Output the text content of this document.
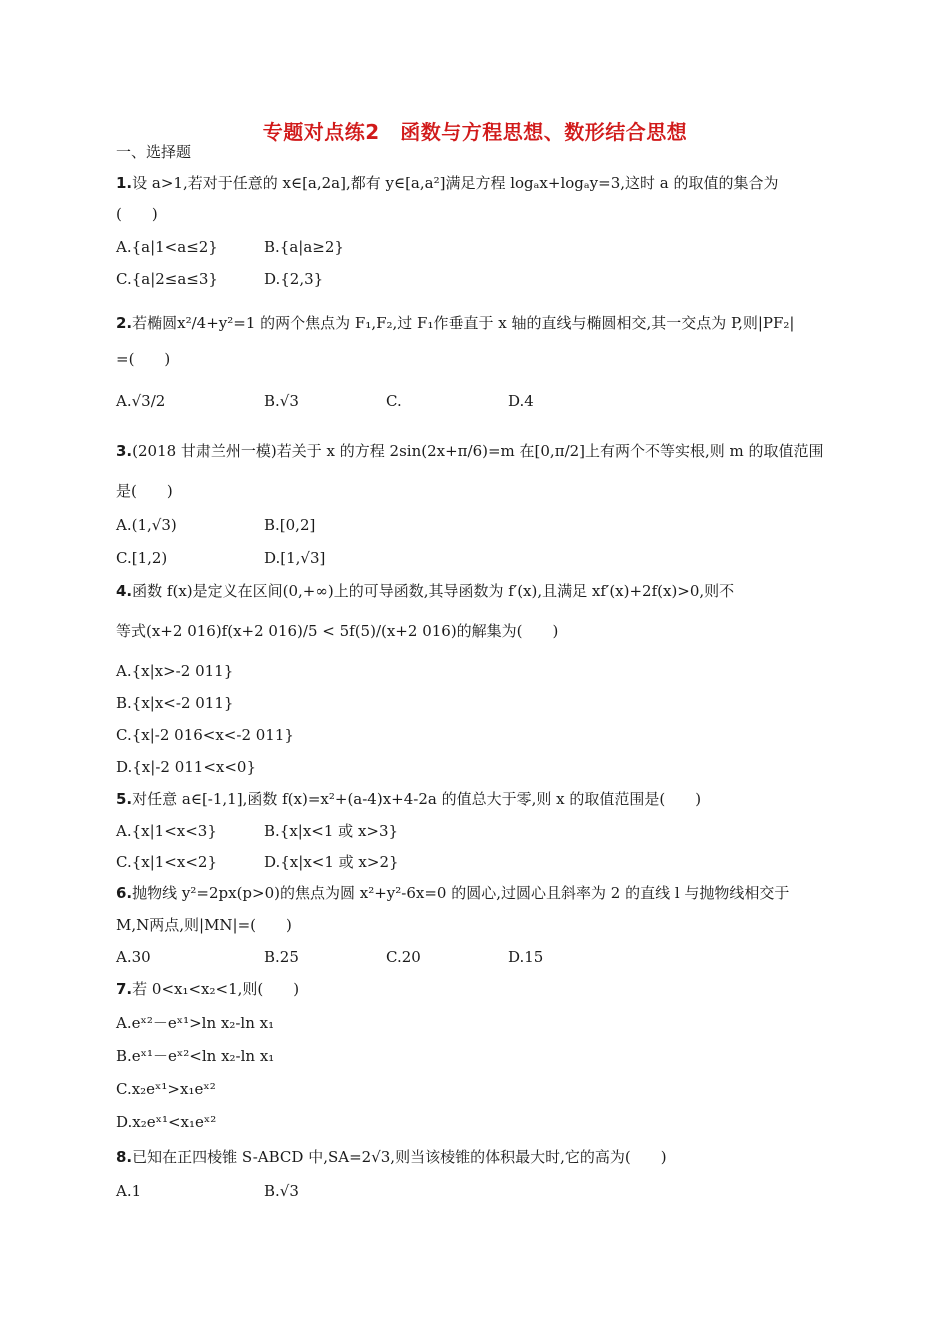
专题对点练2　函数与方程思想、数形结合思想
一、选择题
1.设 a>1,若对于任意的 x∈[a,2a],都有 y∈[a,a²]满足方程 logₐx+logₐy=3,这时 a 的取值的集合为
(　　)
A.{a|1<a≤2}	B.{a|a≥2}
C.{a|2≤a≤3}	D.{2,3}
2.若椭圆x²/4+y²=1 的两个焦点为 F₁,F₂,过 F₁作垂直于 x 轴的直线与椭圆相交,其一交点为 P,则|PF₂|
=(　　)
A.√3/2	B.√3	C.	D.4
3.(2018 甘肃兰州一模)若关于 x 的方程 2sin(2x+π/6)=m 在[0,π/2]上有两个不等实根,则 m 的取值范围
是(　　)
A.(1,√3)	B.[0,2]
C.[1,2)	D.[1,√3]
4.函数 f(x)是定义在区间(0,+∞)上的可导函数,其导函数为 f′(x),且满足 xf′(x)+2f(x)>0,则不
等式(x+2 016)f(x+2 016)/5 < 5f(5)/(x+2 016)的解集为(　　)
A.{x|x>-2 011}
B.{x|x<-2 011}
C.{x|-2 016<x<-2 011}
D.{x|-2 011<x<0}
5.对任意 a∈[-1,1],函数 f(x)=x²+(a-4)x+4-2a 的值总大于零,则 x 的取值范围是(　　)
A.{x|1<x<3}	B.{x|x<1 或 x>3}
C.{x|1<x<2}	D.{x|x<1 或 x>2}
6.抛物线 y²=2px(p>0)的焦点为圆 x²+y²-6x=0 的圆心,过圆心且斜率为 2 的直线 l 与抛物线相交于
M,N两点,则|MN|=(　　)
A.30	B.25	C.20	D.15
7.若 0<x₁<x₂<1,则(　　)
A.eˣ²－eˣ¹>ln x₂-ln x₁
B.eˣ¹－eˣ²<ln x₂-ln x₁
C.x₂eˣ¹>x₁eˣ²
D.x₂eˣ¹<x₁eˣ²
8.已知在正四棱锥 S-ABCD 中,SA=2√3,则当该棱锥的体积最大时,它的高为(　　)
A.1	B.√3
